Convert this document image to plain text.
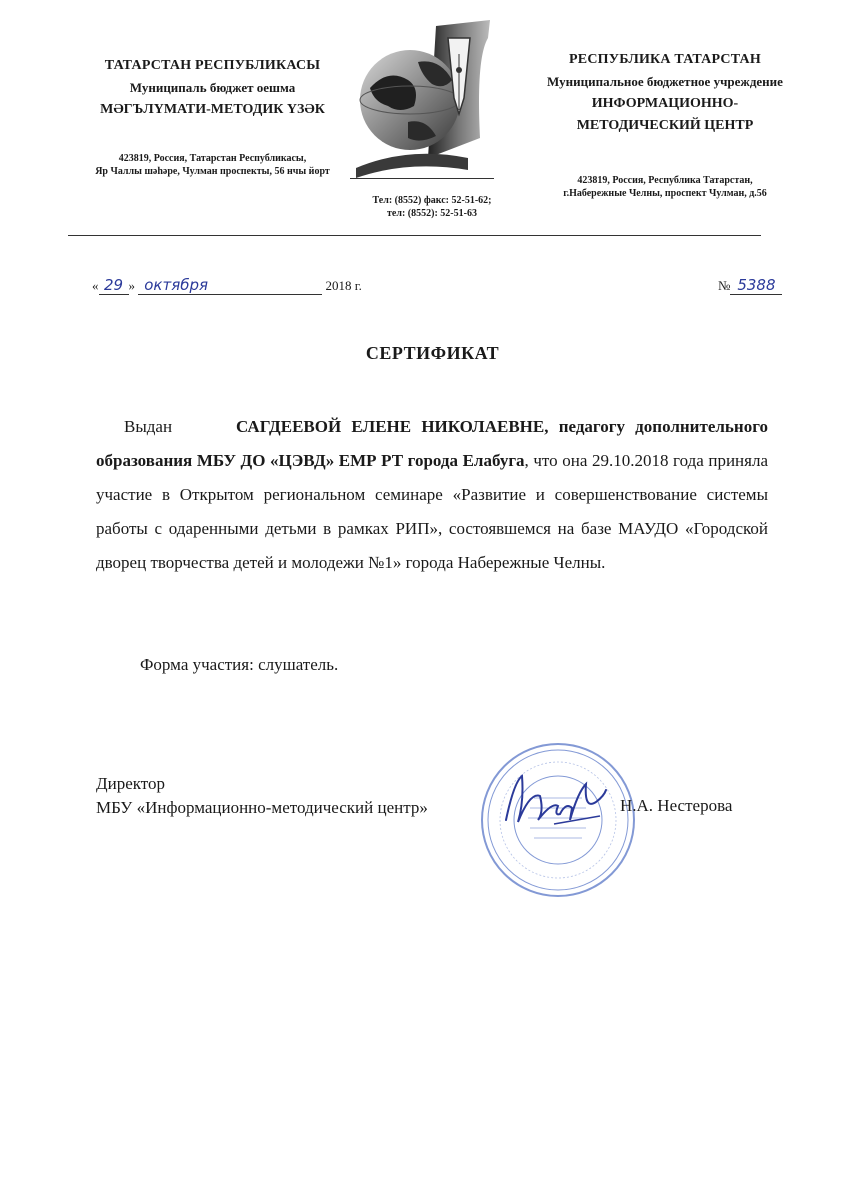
ТАТАРСТАН РЕСПУБЛИКАСЫ
Муниципаль бюджет оешма
МӘГЪЛҮМАТИ-МЕТОДИК ҮЗӘК
423819, Россия, Татарстан Республикасы,
Яр Чаллы шәһәре, Чулман проспекты, 56 нчы йорт
Тел: (8552) факс: 52-51-62;
тел: (8552): 52-51-63
РЕСПУБЛИКА ТАТАРСТАН
Муниципальное бюджетное учреждение
ИНФОРМАЦИОННО-
МЕТОДИЧЕСКИЙ ЦЕНТР
423819, Россия, Республика Татарстан,
г.Набережные Челны, проспект Чулман, д.56
« 29 » октября	2018 г.	№ 5388
СЕРТИФИКАТ
Выдан	САГДЕЕВОЙ ЕЛЕНЕ НИКОЛАЕВНЕ, педагогу дополнительного образования МБУ ДО «ЦЭВД» ЕМР РТ города Елабуга, что она 29.10.2018 года приняла участие в Открытом региональном семинаре «Развитие и совершенствование системы работы с одаренными детьми в рамках РИП», состоявшемся на базе МАУДО «Городской дворец творчества детей и молодежи №1» города Набережные Челны.
Форма участия: слушатель.
Директор
МБУ «Информационно-методический центр»	Н.А. Нестерова
